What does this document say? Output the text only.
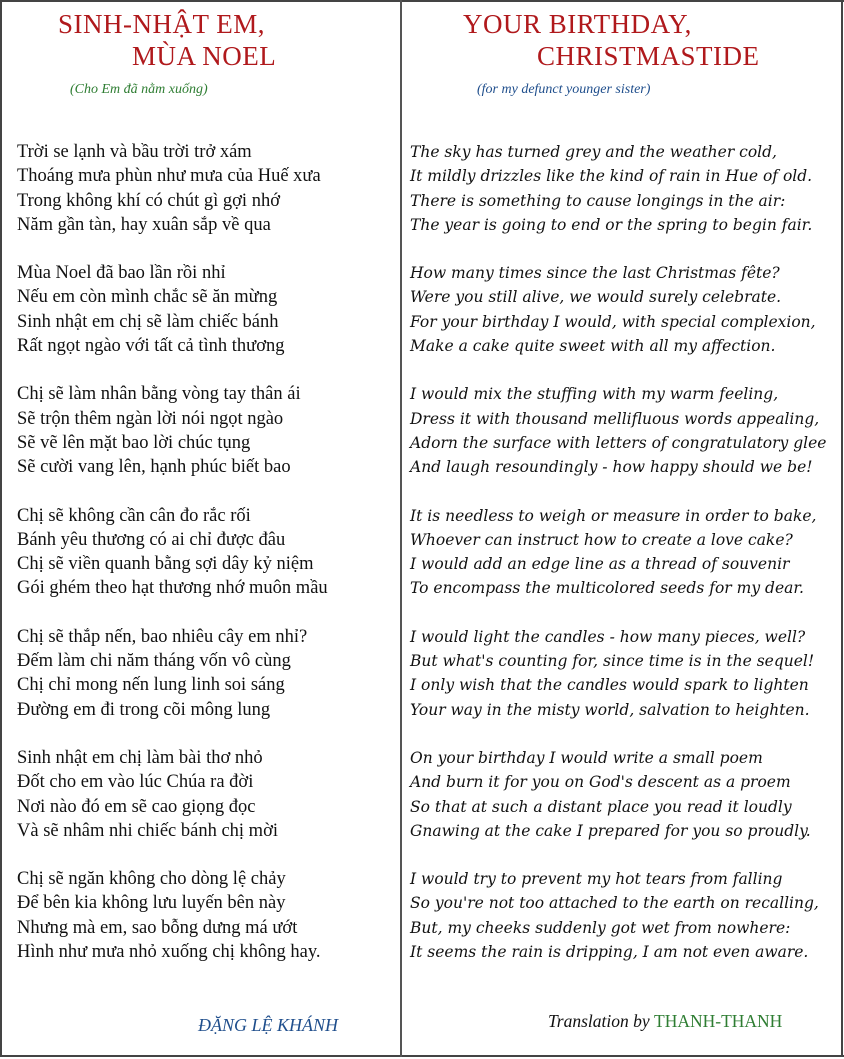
SINH-NHẬT EM,
MÙA NOEL
(Cho Em đã nằm xuống)
Trời se lạnh và bầu trời trở xám
Thoáng mưa phùn như mưa của Huế xưa
Trong không khí có chút gì gợi nhớ
Năm gần tàn, hay xuân sắp về qua
Mùa Noel đã bao lần rồi nhỉ
Nếu em còn mình chắc sẽ ăn mừng
Sinh nhật em chị sẽ làm chiếc bánh
Rất ngọt ngào với tất cả tình thương
Chị sẽ làm nhân bằng vòng tay thân ái
Sẽ trộn thêm ngàn lời nói ngọt ngào
Sẽ vẽ lên mặt bao lời chúc tụng
Sẽ cười vang lên, hạnh phúc biết bao
Chị sẽ không cần cân đo rắc rối
Bánh yêu thương có ai chỉ được đâu
Chị sẽ viền quanh bằng sợi dây kỷ niệm
Gói ghém theo hạt thương nhớ muôn mầu
Chị sẽ thắp nến, bao nhiêu cây em nhỉ?
Đếm làm chi năm tháng vốn vô cùng
Chị chỉ mong nến lung linh soi sáng
Đường em đi trong cõi mông lung
Sinh nhật em chị làm bài thơ nhỏ
Đốt cho em vào lúc Chúa ra đời
Nơi nào đó em sẽ cao giọng đọc
Và sẽ nhâm nhi chiếc bánh chị mời
Chị sẽ ngăn không cho dòng lệ chảy
Để bên kia không lưu luyến bên này
Nhưng mà em, sao bỗng dưng má ướt
Hình như mưa nhỏ xuống chị không hay.
ĐẶNG LỆ KHÁNH
YOUR BIRTHDAY,
CHRISTMASTIDE
(for my defunct younger sister)
The sky has turned grey and the weather cold,
It mildly drizzles like the kind of rain in Hue of old.
There is something to cause longings in the air:
The year is going to end or the spring to begin fair.
How many times since the last Christmas fête?
Were you still alive, we would surely celebrate.
For your birthday I would, with special complexion,
Make a cake quite sweet with all my affection.
I would mix the stuffing with my warm feeling,
Dress it with thousand mellifluous words appealing,
Adorn the surface with letters of congratulatory glee
And laugh resoundingly - how happy should we be!
It is needless to weigh or measure in order to bake,
Whoever can instruct how to create a love cake?
I would add an edge line as a thread of souvenir
To encompass the multicolored seeds for my dear.
I would light the candles - how many pieces, well?
But what's counting for, since time is in the sequel!
I only wish that the candles would spark to lighten
Your way in the misty world, salvation to heighten.
On your birthday I would write a small poem
And burn it for you on God's descent as a proem
So that at such a distant place you read it loudly
Gnawing at the cake I prepared for you so proudly.
I would try to prevent my hot tears from falling
So you're not too attached to the earth on recalling,
But, my cheeks suddenly got wet from nowhere:
It seems the rain is dripping, I am not even aware.
Translation by THANH-THANH
